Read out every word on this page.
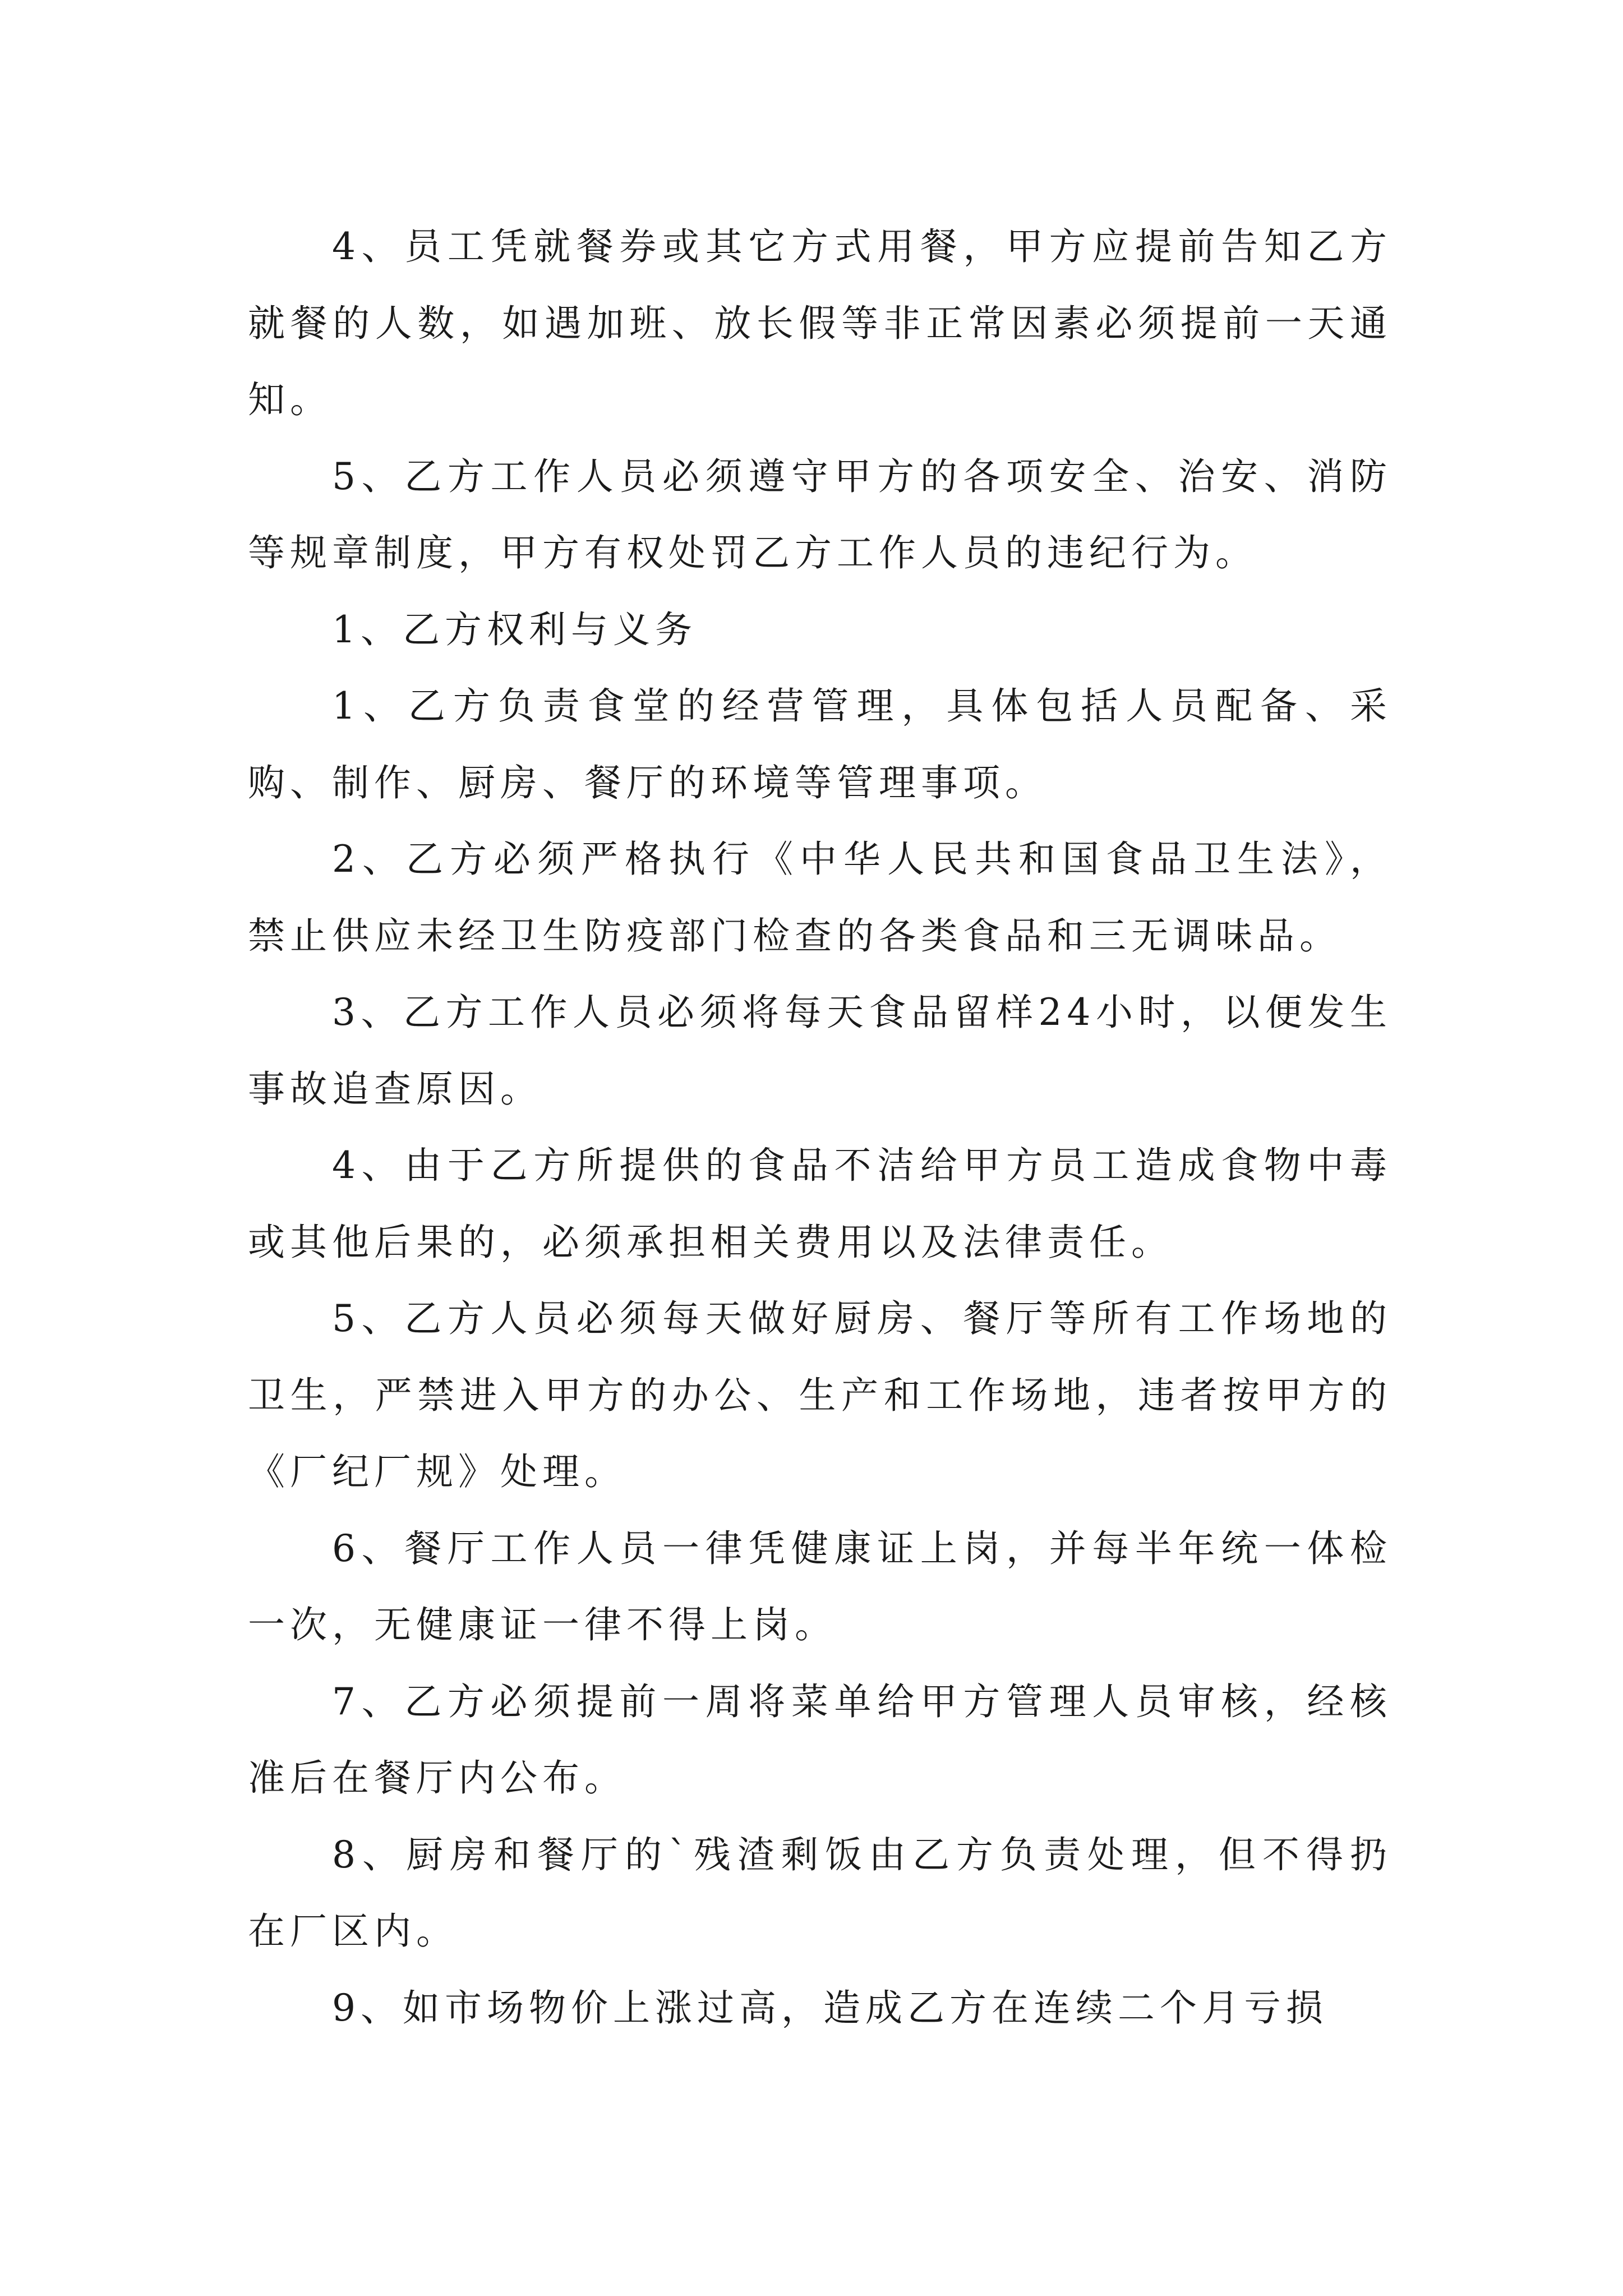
4、员工凭就餐券或其它方式用餐，甲方应提前告知乙方就餐的人数，如遇加班、放长假等非正常因素必须提前一天通知。

5、乙方工作人员必须遵守甲方的各项安全、治安、消防等规章制度，甲方有权处罚乙方工作人员的违纪行为。

1、乙方权利与义务

1、乙方负责食堂的经营管理，具体包括人员配备、采购、制作、厨房、餐厅的环境等管理事项。

2、乙方必须严格执行《中华人民共和国食品卫生法》，禁止供应未经卫生防疫部门检查的各类食品和三无调味品。

3、乙方工作人员必须将每天食品留样24小时，以便发生事故追查原因。

4、由于乙方所提供的食品不洁给甲方员工造成食物中毒或其他后果的，必须承担相关费用以及法律责任。

5、乙方人员必须每天做好厨房、餐厅等所有工作场地的卫生，严禁进入甲方的办公、生产和工作场地，违者按甲方的《厂纪厂规》处理。

6、餐厅工作人员一律凭健康证上岗，并每半年统一体检一次，无健康证一律不得上岗。

7、乙方必须提前一周将菜单给甲方管理人员审核，经核准后在餐厅内公布。

8、厨房和餐厅的`残渣剩饭由乙方负责处理，但不得扔在厂区内。

9、如市场物价上涨过高，造成乙方在连续二个月亏损
